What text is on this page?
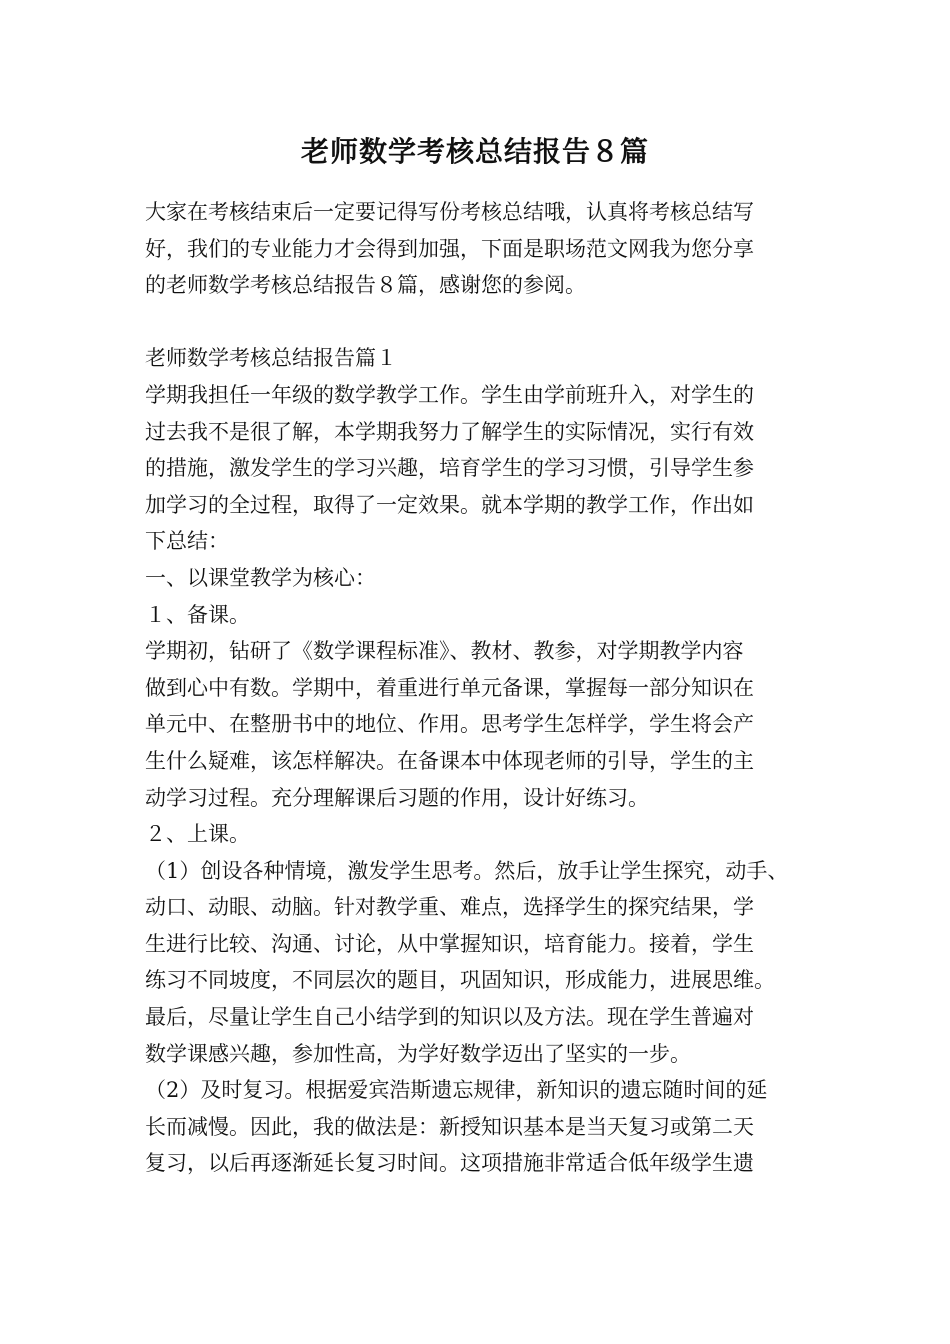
老师数学考核总结报告８篇
大家在考核结束后一定要记得写份考核总结哦，认真将考核总结写
好，我们的专业能力才会得到加强，下面是职场范文网我为您分享
的老师数学考核总结报告８篇，感谢您的参阅。
老师数学考核总结报告篇１
学期我担任一年级的数学教学工作。学生由学前班升入，对学生的
过去我不是很了解，本学期我努力了解学生的实际情况，实行有效
的措施，激发学生的学习兴趣，培育学生的学习习惯，引导学生参
加学习的全过程，取得了一定效果。就本学期的教学工作，作出如
下总结：
一、以课堂教学为核心：
１、备课。
学期初，钻研了《数学课程标准》、教材、教参，对学期教学内容
做到心中有数。学期中，着重进行单元备课，掌握每一部分知识在
单元中、在整册书中的地位、作用。思考学生怎样学，学生将会产
生什么疑难，该怎样解决。在备课本中体现老师的引导，学生的主
动学习过程。充分理解课后习题的作用，设计好练习。
２、上课。
（1）创设各种情境，激发学生思考。然后，放手让学生探究，动手、
动口、动眼、动脑。针对教学重、难点，选择学生的探究结果，学
生进行比较、沟通、讨论，从中掌握知识，培育能力。接着，学生
练习不同坡度，不同层次的题目，巩固知识，形成能力，进展思维。
最后，尽量让学生自己小结学到的知识以及方法。现在学生普遍对
数学课感兴趣，参加性高，为学好数学迈出了坚实的一步。
（2）及时复习。根据爱宾浩斯遗忘规律，新知识的遗忘随时间的延
长而减慢。因此，我的做法是：新授知识基本是当天复习或第二天
复习，以后再逐渐延长复习时间。这项措施非常适合低年级学生遗
